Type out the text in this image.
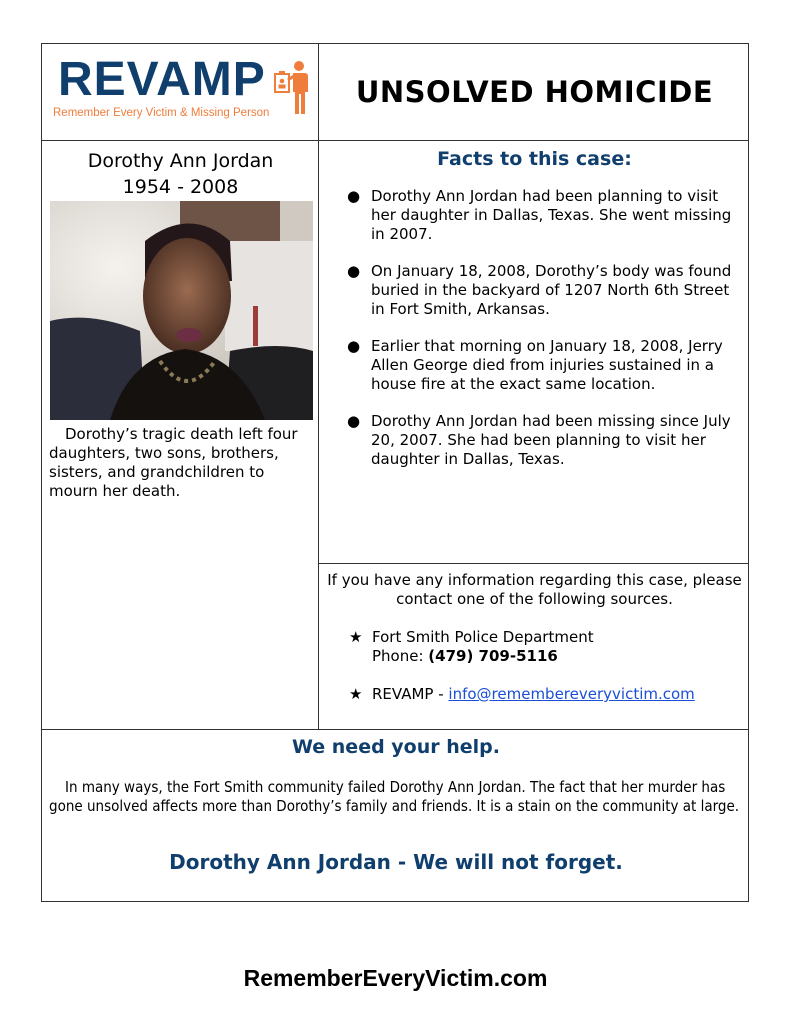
REVAMP
Remember Every Victim & Missing Person
UNSOLVED HOMICIDE
Dorothy Ann Jordan
1954 - 2008
Dorothy’s tragic death left four daughters, two sons, brothers, sisters, and grandchildren to mourn her death.
Facts to this case:
● Dorothy Ann Jordan had been planning to visit her daughter in Dallas, Texas. She went missing in 2007.
● On January 18, 2008, Dorothy’s body was found buried in the backyard of 1207 North 6th Street in Fort Smith, Arkansas.
● Earlier that morning on January 18, 2008, Jerry Allen George died from injuries sustained in a house fire at the exact same location.
● Dorothy Ann Jordan had been missing since July 20, 2007. She had been planning to visit her daughter in Dallas, Texas.
If you have any information regarding this case, please contact one of the following sources.
★ Fort Smith Police Department
Phone: (479) 709-5116
★ REVAMP - info@remembereveryvictim.com
We need your help.
In many ways, the Fort Smith community failed Dorothy Ann Jordan. The fact that her murder has gone unsolved affects more than Dorothy’s family and friends. It is a stain on the community at large.
Dorothy Ann Jordan - We will not forget.
RememberEveryVictim.com
